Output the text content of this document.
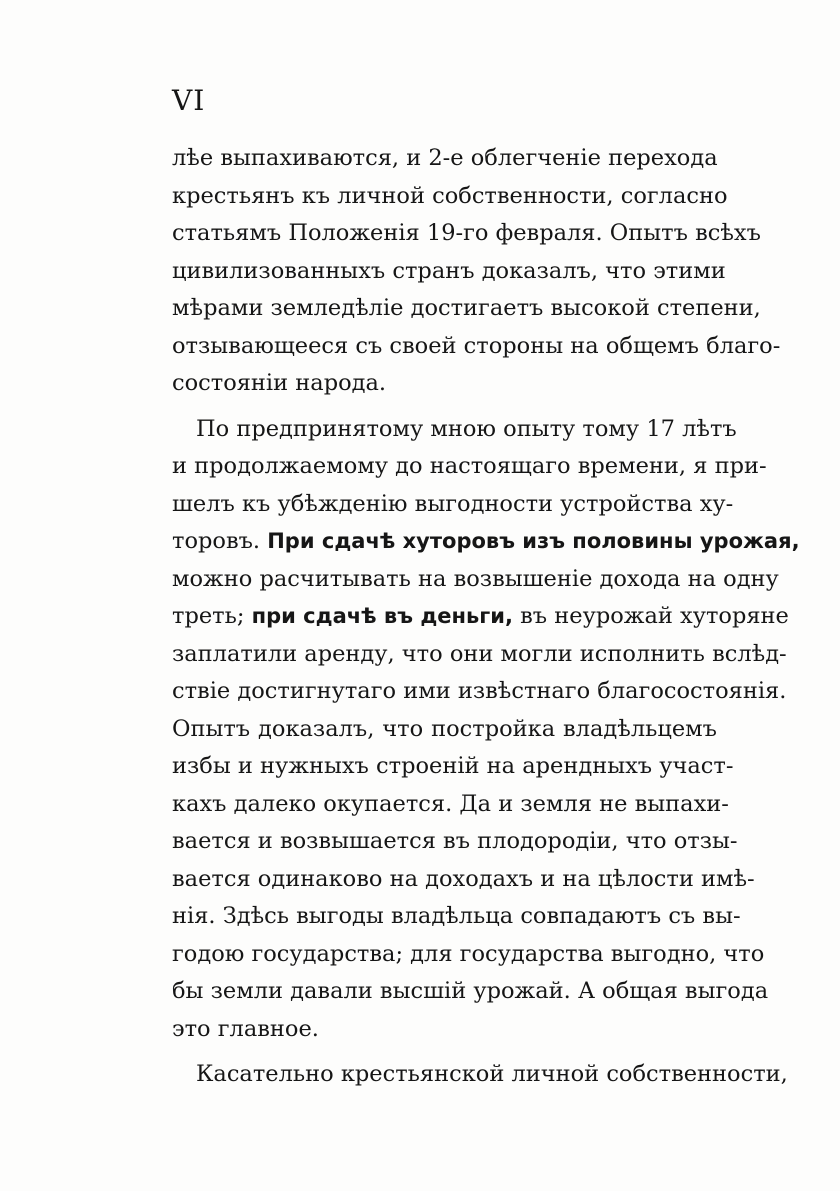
VI
лѣе выпахиваются, и 2-е облегченіе перехода
крестьянъ къ личной собственности, согласно
статьямъ Положенія 19-го февраля. Опытъ всѣхъ
цивилизованныхъ странъ доказалъ, что этими
мѣрами земледѣліе достигаетъ высокой степени,
отзывающееся съ своей стороны на общемъ благо-
состояніи народа.
По предпринятому мною опыту тому 17 лѣтъ
и продолжаемому до настоящаго времени, я при-
шелъ къ убѣжденію выгодности устройства ху-
торовъ. При сдачѣ хуторовъ изъ половины урожая,
можно расчитывать на возвышеніе дохода на одну
треть; при сдачѣ въ деньги, въ неурожай хуторяне
заплатили аренду, что они могли исполнить вслѣд-
ствіе достигнутаго ими извѣстнаго благосостоянія.
Опытъ доказалъ, что постройка владѣльцемъ
избы и нужныхъ строеній на арендныхъ участ-
кахъ далеко окупается. Да и земля не выпахи-
вается и возвышается въ плодородіи, что отзы-
вается одинаково на доходахъ и на цѣлости имѣ-
нія. Здѣсь выгоды владѣльца совпадаютъ съ вы-
годою государства; для государства выгодно, что
бы земли давали высшій урожай. А общая выгода
это главное.
Касательно крестьянской личной собственности,
